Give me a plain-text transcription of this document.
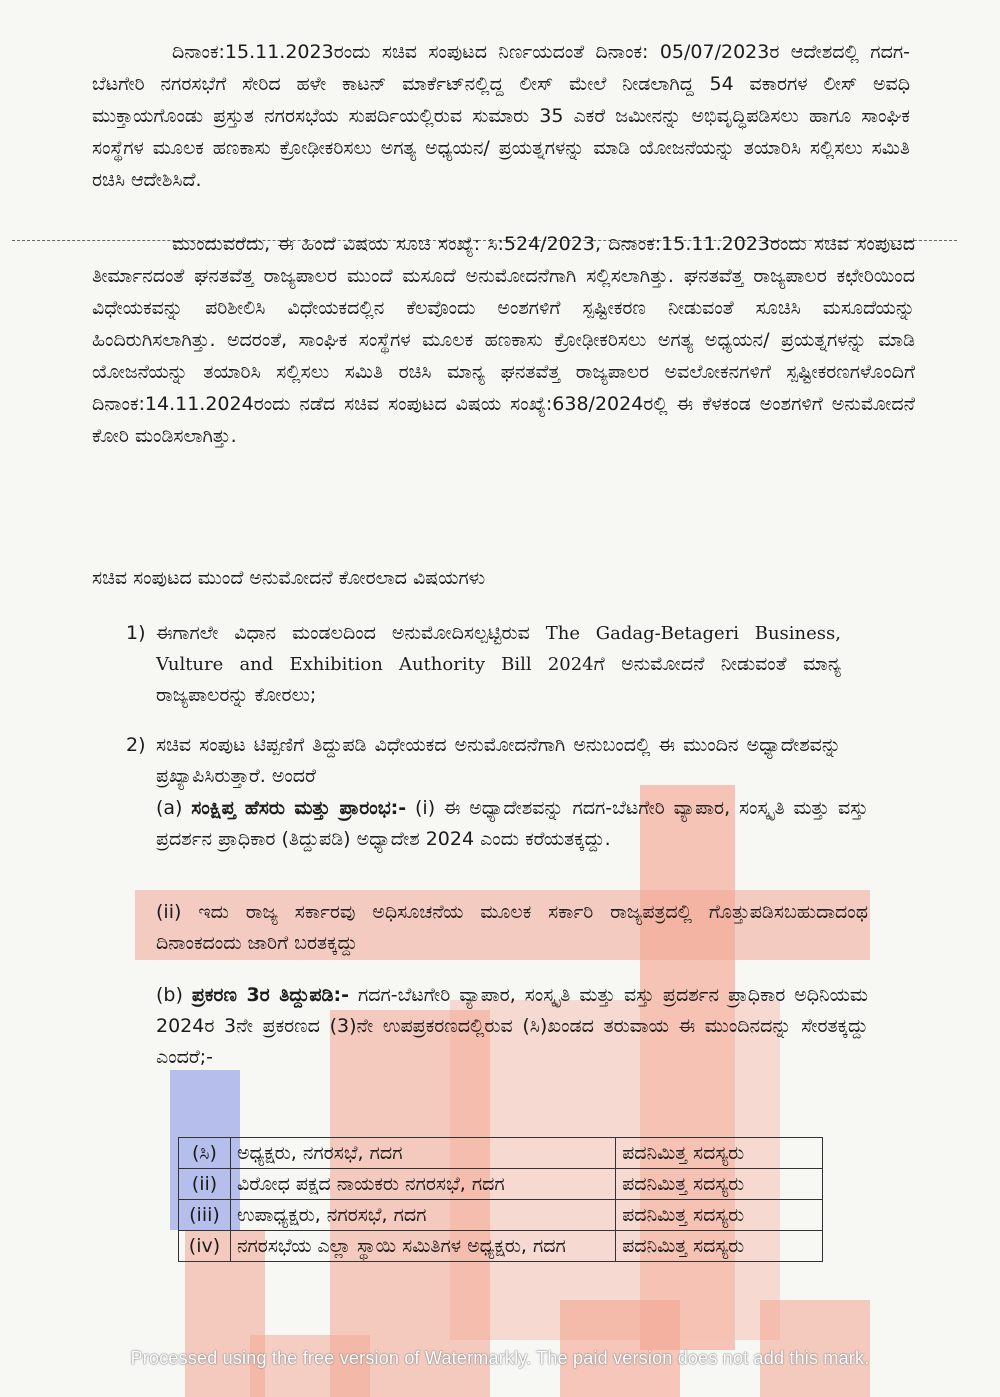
ದಿನಾಂಕ:15.11.2023ರಂದು ಸಚಿವ ಸಂಪುಟದ ನಿರ್ಣಯದಂತೆ ದಿನಾಂಕ: 05/07/2023ರ ಆದೇಶದಲ್ಲಿ ಗದಗ-ಬೆಟಗೇರಿ ನಗರಸಭೆಗೆ ಸೇರಿದ ಹಳೇ ಕಾಟನ್ ಮಾರ್ಕೆಟ್‌ನಲ್ಲಿದ್ದ ಲೀಸ್ ಮೇಲೆ ನೀಡಲಾಗಿದ್ದ 54 ವಕಾರಗಳ ಲೀಸ್ ಅವಧಿ ಮುಕ್ತಾಯಗೊಂಡು ಪ್ರಸ್ತುತ ನಗರಸಭೆಯ ಸುಪರ್ದಿಯಲ್ಲಿರುವ ಸುಮಾರು 35 ಎಕರೆ ಜಮೀನನ್ನು ಅಭಿವೃದ್ಧಿಪಡಿಸಲು ಹಾಗೂ ಸಾಂಘಿಕ ಸಂಸ್ಥೆಗಳ ಮೂಲಕ ಹಣಕಾಸು ಕ್ರೋಢೀಕರಿಸಲು ಅಗತ್ಯ ಅಧ್ಯಯನ/ ಪ್ರಯತ್ನಗಳನ್ನು ಮಾಡಿ ಯೋಜನೆಯನ್ನು ತಯಾರಿಸಿ ಸಲ್ಲಿಸಲು ಸಮಿತಿ ರಚಿಸಿ ಆದೇಶಿಸಿದೆ.

ಮುಂದುವರೆದು, ಈ ಹಿಂದೆ ವಿಷಯ ಸೂಚಿ ಸಂಖ್ಯೆ: ಸಿ:524/2023, ದಿನಾಂಕ:15.11.2023ರಂದು ಸಚಿವ ಸಂಪುಟದ ತೀರ್ಮಾನದಂತೆ ಘನತವೆತ್ತ ರಾಜ್ಯಪಾಲರ ಮುಂದೆ ಮಸೂದೆ ಅನುಮೋದನೆಗಾಗಿ ಸಲ್ಲಿಸಲಾಗಿತ್ತು. ಘನತವೆತ್ತ ರಾಜ್ಯಪಾಲರ ಕಛೇರಿಯಿಂದ ವಿಧೇಯಕವನ್ನು ಪರಿಶೀಲಿಸಿ ವಿಧೇಯಕದಲ್ಲಿನ ಕೆಲವೊಂದು ಅಂಶಗಳಿಗೆ ಸ್ಪಷ್ಟೀಕರಣ ನೀಡುವಂತೆ ಸೂಚಿಸಿ ಮಸೂದೆಯನ್ನು ಹಿಂದಿರುಗಿಸಲಾಗಿತ್ತು. ಅದರಂತೆ, ಸಾಂಘಿಕ ಸಂಸ್ಥೆಗಳ ಮೂಲಕ ಹಣಕಾಸು ಕ್ರೋಢೀಕರಿಸಲು ಅಗತ್ಯ ಅಧ್ಯಯನ/ ಪ್ರಯತ್ನಗಳನ್ನು ಮಾಡಿ ಯೋಜನೆಯನ್ನು ತಯಾರಿಸಿ ಸಲ್ಲಿಸಲು ಸಮಿತಿ ರಚಿಸಿ ಮಾನ್ಯ ಘನತವೆತ್ತ ರಾಜ್ಯಪಾಲರ ಅವಲೋಕನಗಳಿಗೆ ಸ್ಪಷ್ಟೀಕರಣಗಳೊಂದಿಗೆ ದಿನಾಂಕ:14.11.2024ರಂದು ನಡೆದ ಸಚಿವ ಸಂಪುಟದ ವಿಷಯ ಸಂಖ್ಯೆ:638/2024ರಲ್ಲಿ ಈ ಕೆಳಕಂಡ ಅಂಶಗಳಿಗೆ ಅನುಮೋದನೆ ಕೋರಿ ಮಂಡಿಸಲಾಗಿತ್ತು.

ಸಚಿವ ಸಂಪುಟದ ಮುಂದೆ ಅನುಮೋದನೆ ಕೋರಲಾದ ವಿಷಯಗಳು

1) ಈಗಾಗಲೇ ವಿಧಾನ ಮಂಡಲದಿಂದ ಅನುಮೋದಿಸಲ್ಪಟ್ಟಿರುವ The Gadag-Betageri Business, Vulture and Exhibition Authority Bill 2024ಗೆ ಅನುಮೋದನೆ ನೀಡುವಂತೆ ಮಾನ್ಯ ರಾಜ್ಯಪಾಲರನ್ನು ಕೋರಲು;
2) ಸಚಿವ ಸಂಪುಟ ಟಿಪ್ಪಣಿಗೆ ತಿದ್ದುಪಡಿ ವಿಧೇಯಕದ ಅನುಮೋದನೆಗಾಗಿ ಅನುಬಂದಲ್ಲಿ ಈ ಮುಂದಿನ ಅಧ್ಯಾದೇಶವನ್ನು ಪ್ರಖ್ಯಾಪಿಸಿರುತ್ತಾರೆ. ಅಂದರೆ
(a) ಸಂಕ್ಷಿಪ್ತ ಹೆಸರು ಮತ್ತು ಪ್ರಾರಂಭ:- (i) ಈ ಅಧ್ಯಾದೇಶವನ್ನು ಗದಗ-ಬೆಟಗೇರಿ ವ್ಯಾಪಾರ, ಸಂಸ್ಕೃತಿ ಮತ್ತು ವಸ್ತು ಪ್ರದರ್ಶನ ಪ್ರಾಧಿಕಾರ (ತಿದ್ದುಪಡಿ) ಅಧ್ಯಾದೇಶ 2024 ಎಂದು ಕರೆಯತಕ್ಕದ್ದು.
(ii) ಇದು ರಾಜ್ಯ ಸರ್ಕಾರವು ಅಧಿಸೂಚನೆಯ ಮೂಲಕ ಸರ್ಕಾರಿ ರಾಜ್ಯಪತ್ರದಲ್ಲಿ ಗೊತ್ತುಪಡಿಸಬಹುದಾದಂಥ ದಿನಾಂಕದಂದು ಜಾರಿಗೆ ಬರತಕ್ಕದ್ದು
(b) ಪ್ರಕರಣ 3ರ ತಿದ್ದುಪಡಿ:- ಗದಗ-ಬೆಟಗೇರಿ ವ್ಯಾಪಾರ, ಸಂಸ್ಕೃತಿ ಮತ್ತು ವಸ್ತು ಪ್ರದರ್ಶನ ಪ್ರಾಧಿಕಾರ ಅಧಿನಿಯಮ 2024ರ 3ನೇ ಪ್ರಕರಣದ (3)ನೇ ಉಪಪ್ರಕರಣದಲ್ಲಿರುವ (ಸಿ)ಖಂಡದ ತರುವಾಯ ಈ ಮುಂದಿನದನ್ನು ಸೇರತಕ್ಕದ್ದು ಎಂದರೆ;-
(ಸಿ)	ಅಧ್ಯಕ್ಷರು, ನಗರಸಭೆ, ಗದಗ	ಪದನಿಮಿತ್ತ ಸದಸ್ಯರು
(ii)	ವಿರೋಧ ಪಕ್ಷದ ನಾಯಕರು ನಗರಸಭೆ, ಗದಗ	ಪದನಿಮಿತ್ತ ಸದಸ್ಯರು
(iii)	ಉಪಾಧ್ಯಕ್ಷರು, ನಗರಸಭೆ, ಗದಗ	ಪದನಿಮಿತ್ತ ಸದಸ್ಯರು
(iv)	ನಗರಸಭೆಯ ಎಲ್ಲಾ ಸ್ಥಾಯಿ ಸಮಿತಿಗಳ ಅಧ್ಯಕ್ಷರು, ಗದಗ	ಪದನಿಮಿತ್ತ ಸದಸ್ಯರು
Processed using the free version of Watermarkly. The paid version does not add this mark.
